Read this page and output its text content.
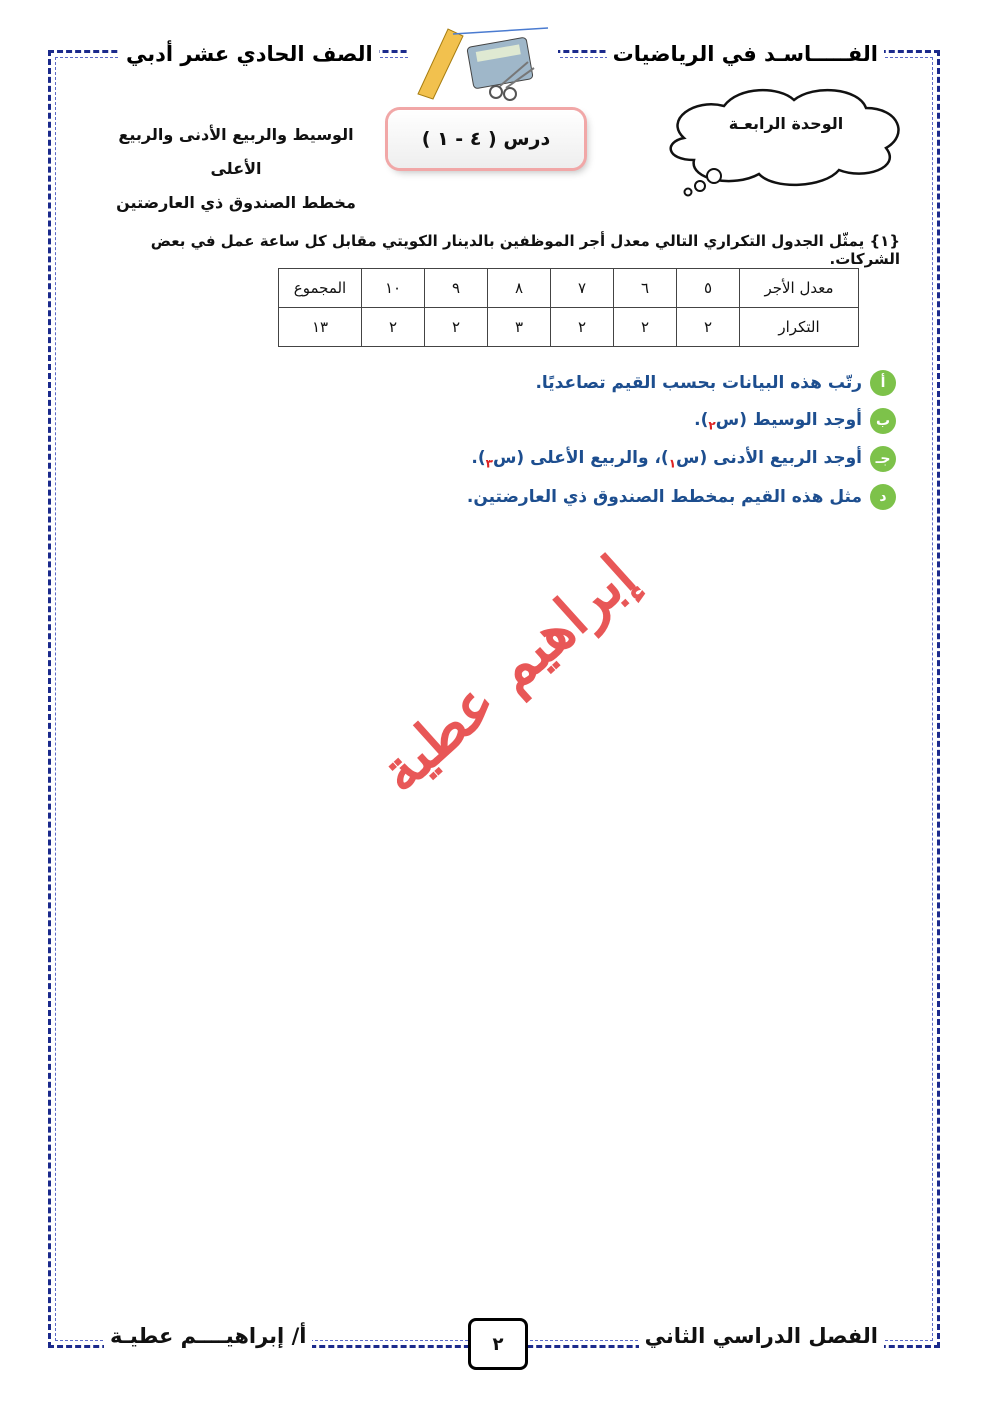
الفـــــاسـد في الرياضيات
الصف الحادي عشر أدبي
الوسيط والربيع الأدنى والربيع الأعلى
مخطط الصندوق ذي العارضتين
درس ( ٤ - ١ )
الوحدة الرابعـة
{١} يمثّل الجدول التكراري التالي معدل أجر الموظفين بالدينار الكويتي مقابل كل ساعة عمل في بعض الشركات.
معدل الأجر	٥	٦	٧	٨	٩	١٠	المجموع
التكرار	٢	٢	٢	٣	٢	٢	١٣
أ
رتّب هذه البيانات بحسب القيم تصاعديًا.
ب
أوجد الوسيط (س$_٢$).
جـ
أوجد الربيع الأدنى (س$_١$)، والربيع الأعلى (س$_٣$).
د
مثل هذه القيم بمخطط الصندوق ذي العارضتين.
إبراهيم عطية
الفصل الدراسي الثاني
٢
أ/ إبراهيــــم عطيـة
